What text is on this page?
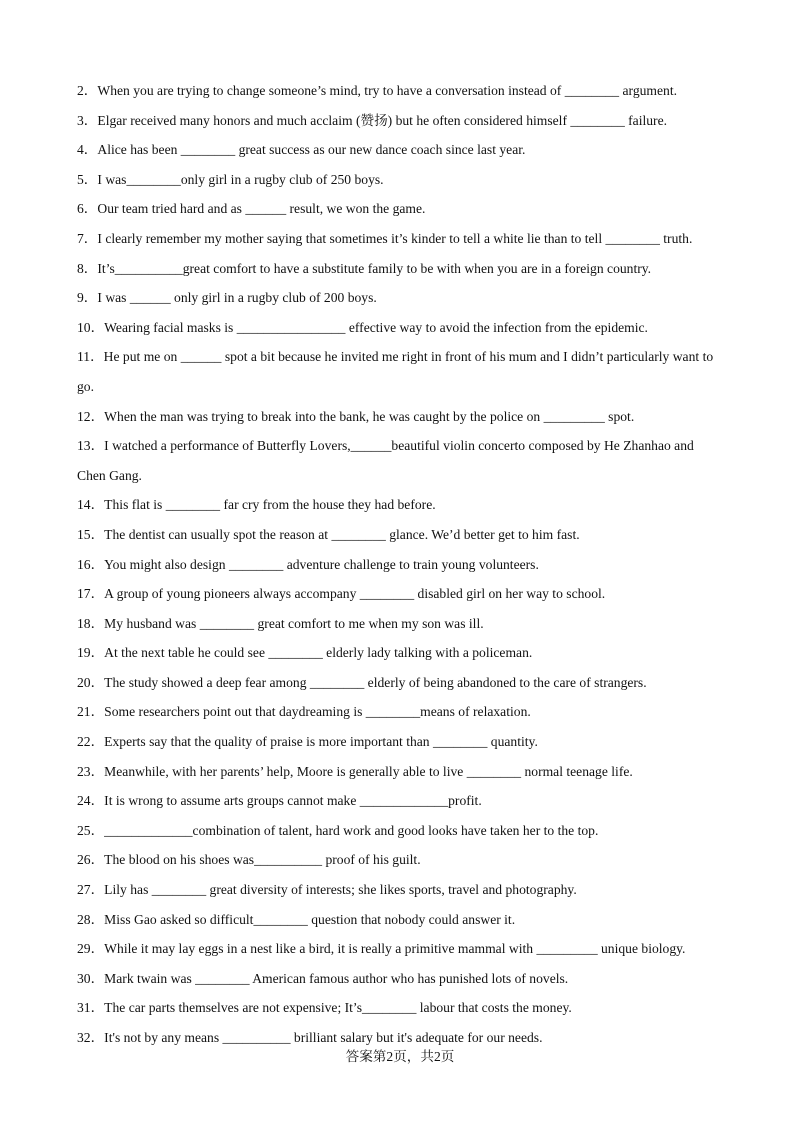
2．When you are trying to change someone’s mind, try to have a conversation instead of ________ argument.
3．Elgar received many honors and much acclaim (赞扬) but he often considered himself ________ failure.
4．Alice has been ________ great success as our new dance coach since last year.
5．I was________only girl in a rugby club of 250 boys.
6．Our team tried hard and as ______ result, we won the game.
7．I clearly remember my mother saying that sometimes it’s kinder to tell a white lie than to tell ________ truth.
8．It’s__________great comfort to have a substitute family to be with when you are in a foreign country.
9．I was ______ only girl in a rugby club of 200 boys.
10．Wearing facial masks is ________________ effective way to avoid the infection from the epidemic.
11．He put me on ______ spot a bit because he invited me right in front of his mum and I didn’t particularly want to go.
12．When the man was trying to break into the bank, he was caught by the police on _________ spot.
13．I watched a performance of Butterfly Lovers,______beautiful violin concerto composed by He Zhanhao and Chen Gang.
14．This flat is ________ far cry from the house they had before.
15．The dentist can usually spot the reason at ________ glance. We’d better get to him fast.
16．You might also design ________ adventure challenge to train young volunteers.
17．A group of young pioneers always accompany ________ disabled girl on her way to school.
18．My husband was ________ great comfort to me when my son was ill.
19．At the next table he could see ________ elderly lady talking with a policeman.
20．The study showed a deep fear among ________ elderly of being abandoned to the care of strangers.
21．Some researchers point out that daydreaming is ________means of relaxation.
22．Experts say that the quality of praise is more important than ________ quantity.
23．Meanwhile, with her parents’ help, Moore is generally able to live ________ normal teenage life.
24．It is wrong to assume arts groups cannot make _____________profit.
25．_____________combination of talent, hard work and good looks have taken her to the top.
26．The blood on his shoes was__________ proof of his guilt.
27．Lily has ________ great diversity of interests; she likes sports, travel and photography.
28．Miss Gao asked so difficult________ question that nobody could answer it.
29．While it may lay eggs in a nest like a bird, it is really a primitive mammal with _________ unique biology.
30．Mark twain was ________ American famous author who has punished lots of novels.
31．The car parts themselves are not expensive; It’s________ labour that costs the money.
32．It's not by any means __________ brilliant salary but it's adequate for our needs.
答案第2页，共2页
